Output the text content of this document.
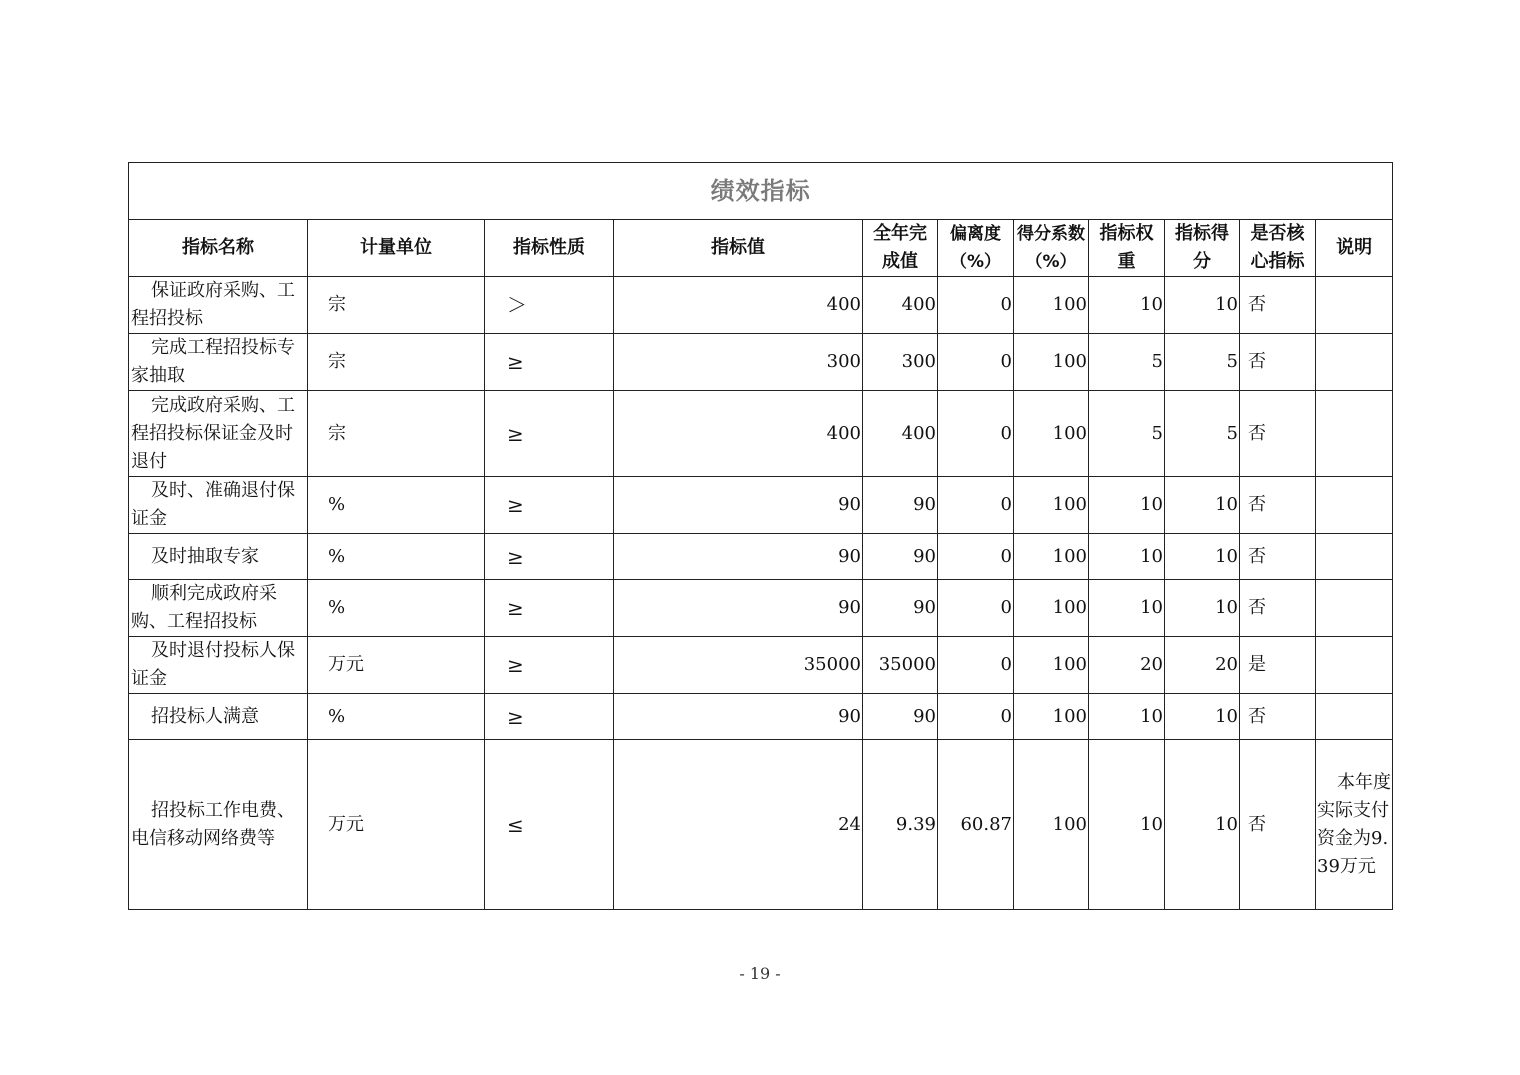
绩效指标										
指标名称	计量单位	指标性质	指标值	全年完成值	偏离度（%）	得分系数（%）	指标权重	指标得分	是否核心指标	说明
保证政府采购、工程招投标	宗	＞	400	400	0	100	10	10	否	
完成工程招投标专家抽取	宗	≥	300	300	0	100	5	5	否	
完成政府采购、工程招投标保证金及时退付	宗	≥	400	400	0	100	5	5	否	
及时、准确退付保证金	%	≥	90	90	0	100	10	10	否	
及时抽取专家	%	≥	90	90	0	100	10	10	否	
顺利完成政府采购、工程招投标	%	≥	90	90	0	100	10	10	否	
及时退付投标人保证金	万元	≥	35000	35000	0	100	20	20	是	
招投标人满意	%	≥	90	90	0	100	10	10	否	
招投标工作电费、电信移动网络费等	万元	≤	24	9.39	60.87	100	10	10	否	本年度实际支付资金为9.39万元
- 19 -
